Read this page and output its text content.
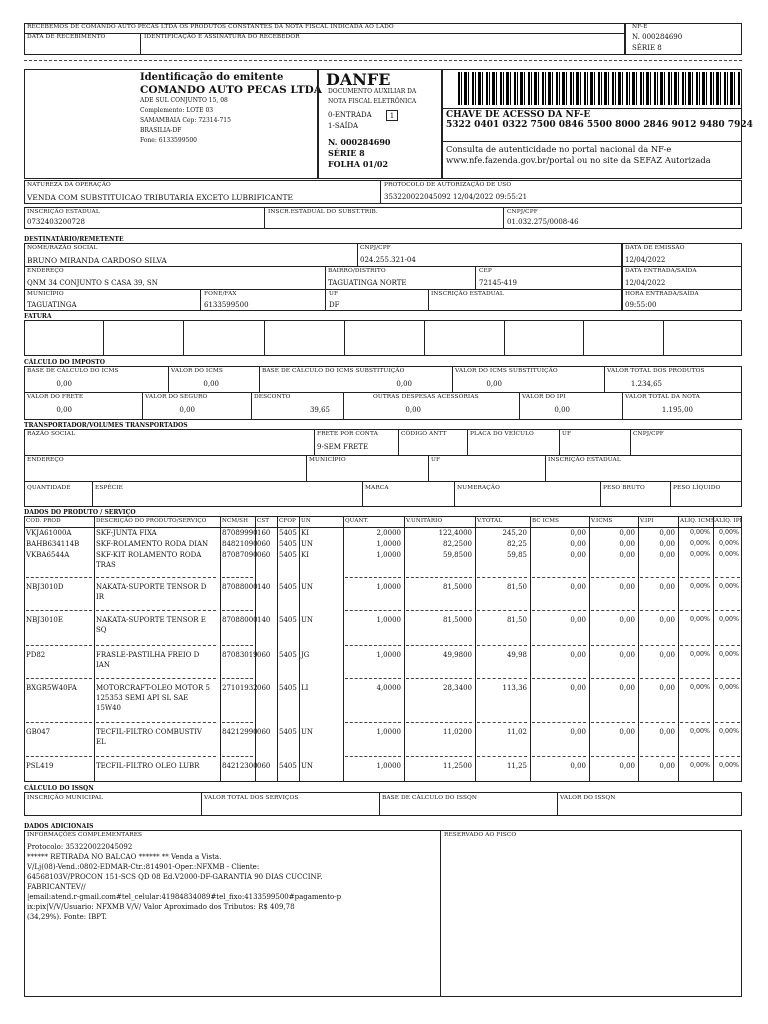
RECEBEMOS DE COMANDO AUTO PECAS LTDA OS PRODUTOS CONSTANTES DA NOTA FISCAL INDICADA AO LADO
DATA DE RECEBIMENTO	IDENTIFICAÇÃO E ASSINATURA DO RECEBEDOR
NF-E
N. 000284690
SÉRIE 8
Identificação do emitente
COMANDO AUTO PECAS LTDA
ADE SUL CONJUNTO 15, 08
Complemento: LOTE 03
SAMAMBAIA Cep: 72314-715
BRASILIA-DF
Fone: 6133599500
DANFE
DOCUMENTO AUXILIAR DA
NOTA FISCAL ELETRÔNICA
0-ENTRADA
1-SAÍDA
1
N. 000284690
SÉRIE 8
FOLHA 01/02
CHAVE DE ACESSO DA NF-E
5322 0401 0322 7500 0846 5500 8000 2846 9012 9480 7924
Consulta de autenticidade no portal nacional da NF-e
www.nfe.fazenda.gov.br/portal ou no site da SEFAZ Autorizada
NATUREZA DA OPERAÇÃO
VENDA COM SUBSTITUICAO TRIBUTARIA EXCETO LUBRIFICANTE
PROTOCOLO DE AUTORIZAÇÃO DE USO
353220022045092 12/04/2022 09:55:21
INSCRIÇÃO ESTADUAL
0732403200728
INSCR.ESTADUAL DO SUBST.TRIB.	CNPJ/CPF
01.032.275/0008-46
DESTINATÁRIO/REMETENTE
NOME/RAZÃO SOCIAL
BRUNO MIRANDA CARDOSO SILVA
CNPJ/CPF
024.255.321-04
ENDEREÇO
QNM 34 CONJUNTO S CASA 39, SN
BAIRRO/DISTRITO
TAGUATINGA NORTE
CEP
72145-419
MUNICÍPIO
TAGUATINGA
FONE/FAX
6133599500
UF
DF
INSCRIÇÃO ESTADUAL
DATA DE EMISSÃO
12/04/2022
DATA ENTRADA/SAÍDA
12/04/2022
HORA ENTRADA/SAÍDA
09:55:00
FATURA
CÁLCULO DO IMPOSTO
BASE DE CÁLCULO DO ICMS
0,00
VALOR DO ICMS
0,00
BASE DE CÁLCULO DO ICMS SUBSTITUIÇÃO
0,00
VALOR DO ICMS SUBSTITUIÇÃO
0,00
VALOR TOTAL DOS PRODUTOS
1.234,65
VALOR DO FRETE
0,00
VALOR DO SEGURO
0,00
DESCONTO
39,65
OUTRAS DESPESAS ACESSÓRIAS
0,00
VALOR DO IPI
0,00
VALOR TOTAL DA NOTA
1.195,00
TRANSPORTADOR/VOLUMES TRANSPORTADOS
RAZÃO SOCIAL	FRETE POR CONTA
9-SEM FRETE
CÓDIGO ANTT	PLACA DO VEÍCULO	UF	CNPJ/CPF
ENDEREÇO	MUNICÍPIO	UF	INSCRIÇÃO ESTADUAL
QUANTIDADE	ESPÉCIE	MARCA	NUMERAÇÃO	PESO BRUTO	PESO LÍQUIDO
DADOS DO PRODUTO / SERVIÇO
COD. PROD	DESCRIÇÃO DO PRODUTO/SERVIÇO	NCM/SH CST CFOP UN	QUANT.	V.UNITÁRIO	V.TOTAL	BC ICMS	V.ICMS	V.IPI	ALÍQ. ICMS ALÍQ. IPI
VKJA61000A	SKF-JUNTA FIXA	87089990 160	5405 KI	2,0000	122,4000	245,20	0,00	0,00	0,00	0,00%	0,00%
BAHB634114B	SKF-ROLAMENTO RODA DIAN 84821090 060	5405 UN	1,0000	82,2500	82,25	0,00	0,00	0,00	0,00%	0,00%
VKBA6544A	SKF-KIT ROLAMENTO RODA
TRAS
87087090 060	5405 KI	1,0000	59,8500	59,85	0,00	0,00	0,00	0,00%	0,00%
NBJ3010D	NAKATA-SUPORTE TENSOR D
IR
87088000 140	5405 UN	1,0000	81,5000	81,50	0,00	0,00	0,00	0,00%	0,00%
NBJ3010E	NAKATA-SUPORTE TENSOR E
SQ
87088000 140	5405 UN	1,0000	81,5000	81,50	0,00	0,00	0,00	0,00%	0,00%
PD82	FRASLE-PASTILHA FREIO D
IAN
87083019 060	5405 JG	1,0000	49,9800	49,98	0,00	0,00	0,00	0,00%	0,00%
BXGR5W40FA	MOTORCRAFT-OLEO MOTOR 5
125353 SEMI API SL SAE
15W40
27101932 060	5405 LI	4,0000	28,3400	113,36	0,00	0,00	0,00	0,00%	0,00%
GB047	TECFIL-FILTRO COMBUSTIV
EL
84212990 060	5405 UN	1,0000	11,0200	11,02	0,00	0,00	0,00	0,00%	0,00%
PSL419	TECFIL-FILTRO OLEO LUBR	84212300 060	5405 UN	1,0000	11,2500	11,25	0,00	0,00	0,00	0,00%	0,00%
CÁLCULO DO ISSQN
INSCRIÇÃO MUNICIPAL	VALOR TOTAL DOS SERVIÇOS	BASE DE CÁLCULO DO ISSQN	VALOR DO ISSQN
DADOS ADICIONAIS
INFORMAÇÕES COMPLEMENTARES	RESERVADO AO FISCO
Protocolo: 353220022045092
****** RETIRADA NO BALCAO ****** ** Venda a Vista.
V/Lj(08)-Vend.:0802-EDMAR-Ctr.:814901-Oper.:NFXMB - Cliente:
64568103V/PROCON 151-SCS QD 08 Ed.V2000-DF-GARANTIA 90 DIAS CUCCINF.
FABRICANTEV//
|email:atend.r-gmail.com#tel_celular:41984834089#tel_fixo:4133599500#pagamento-p
ix:pix|V/V/Usuario: NFXMB V/V/ Valor Aproximado dos Tributos: R$ 409,78
(34,29%). Fonte: IBPT.
